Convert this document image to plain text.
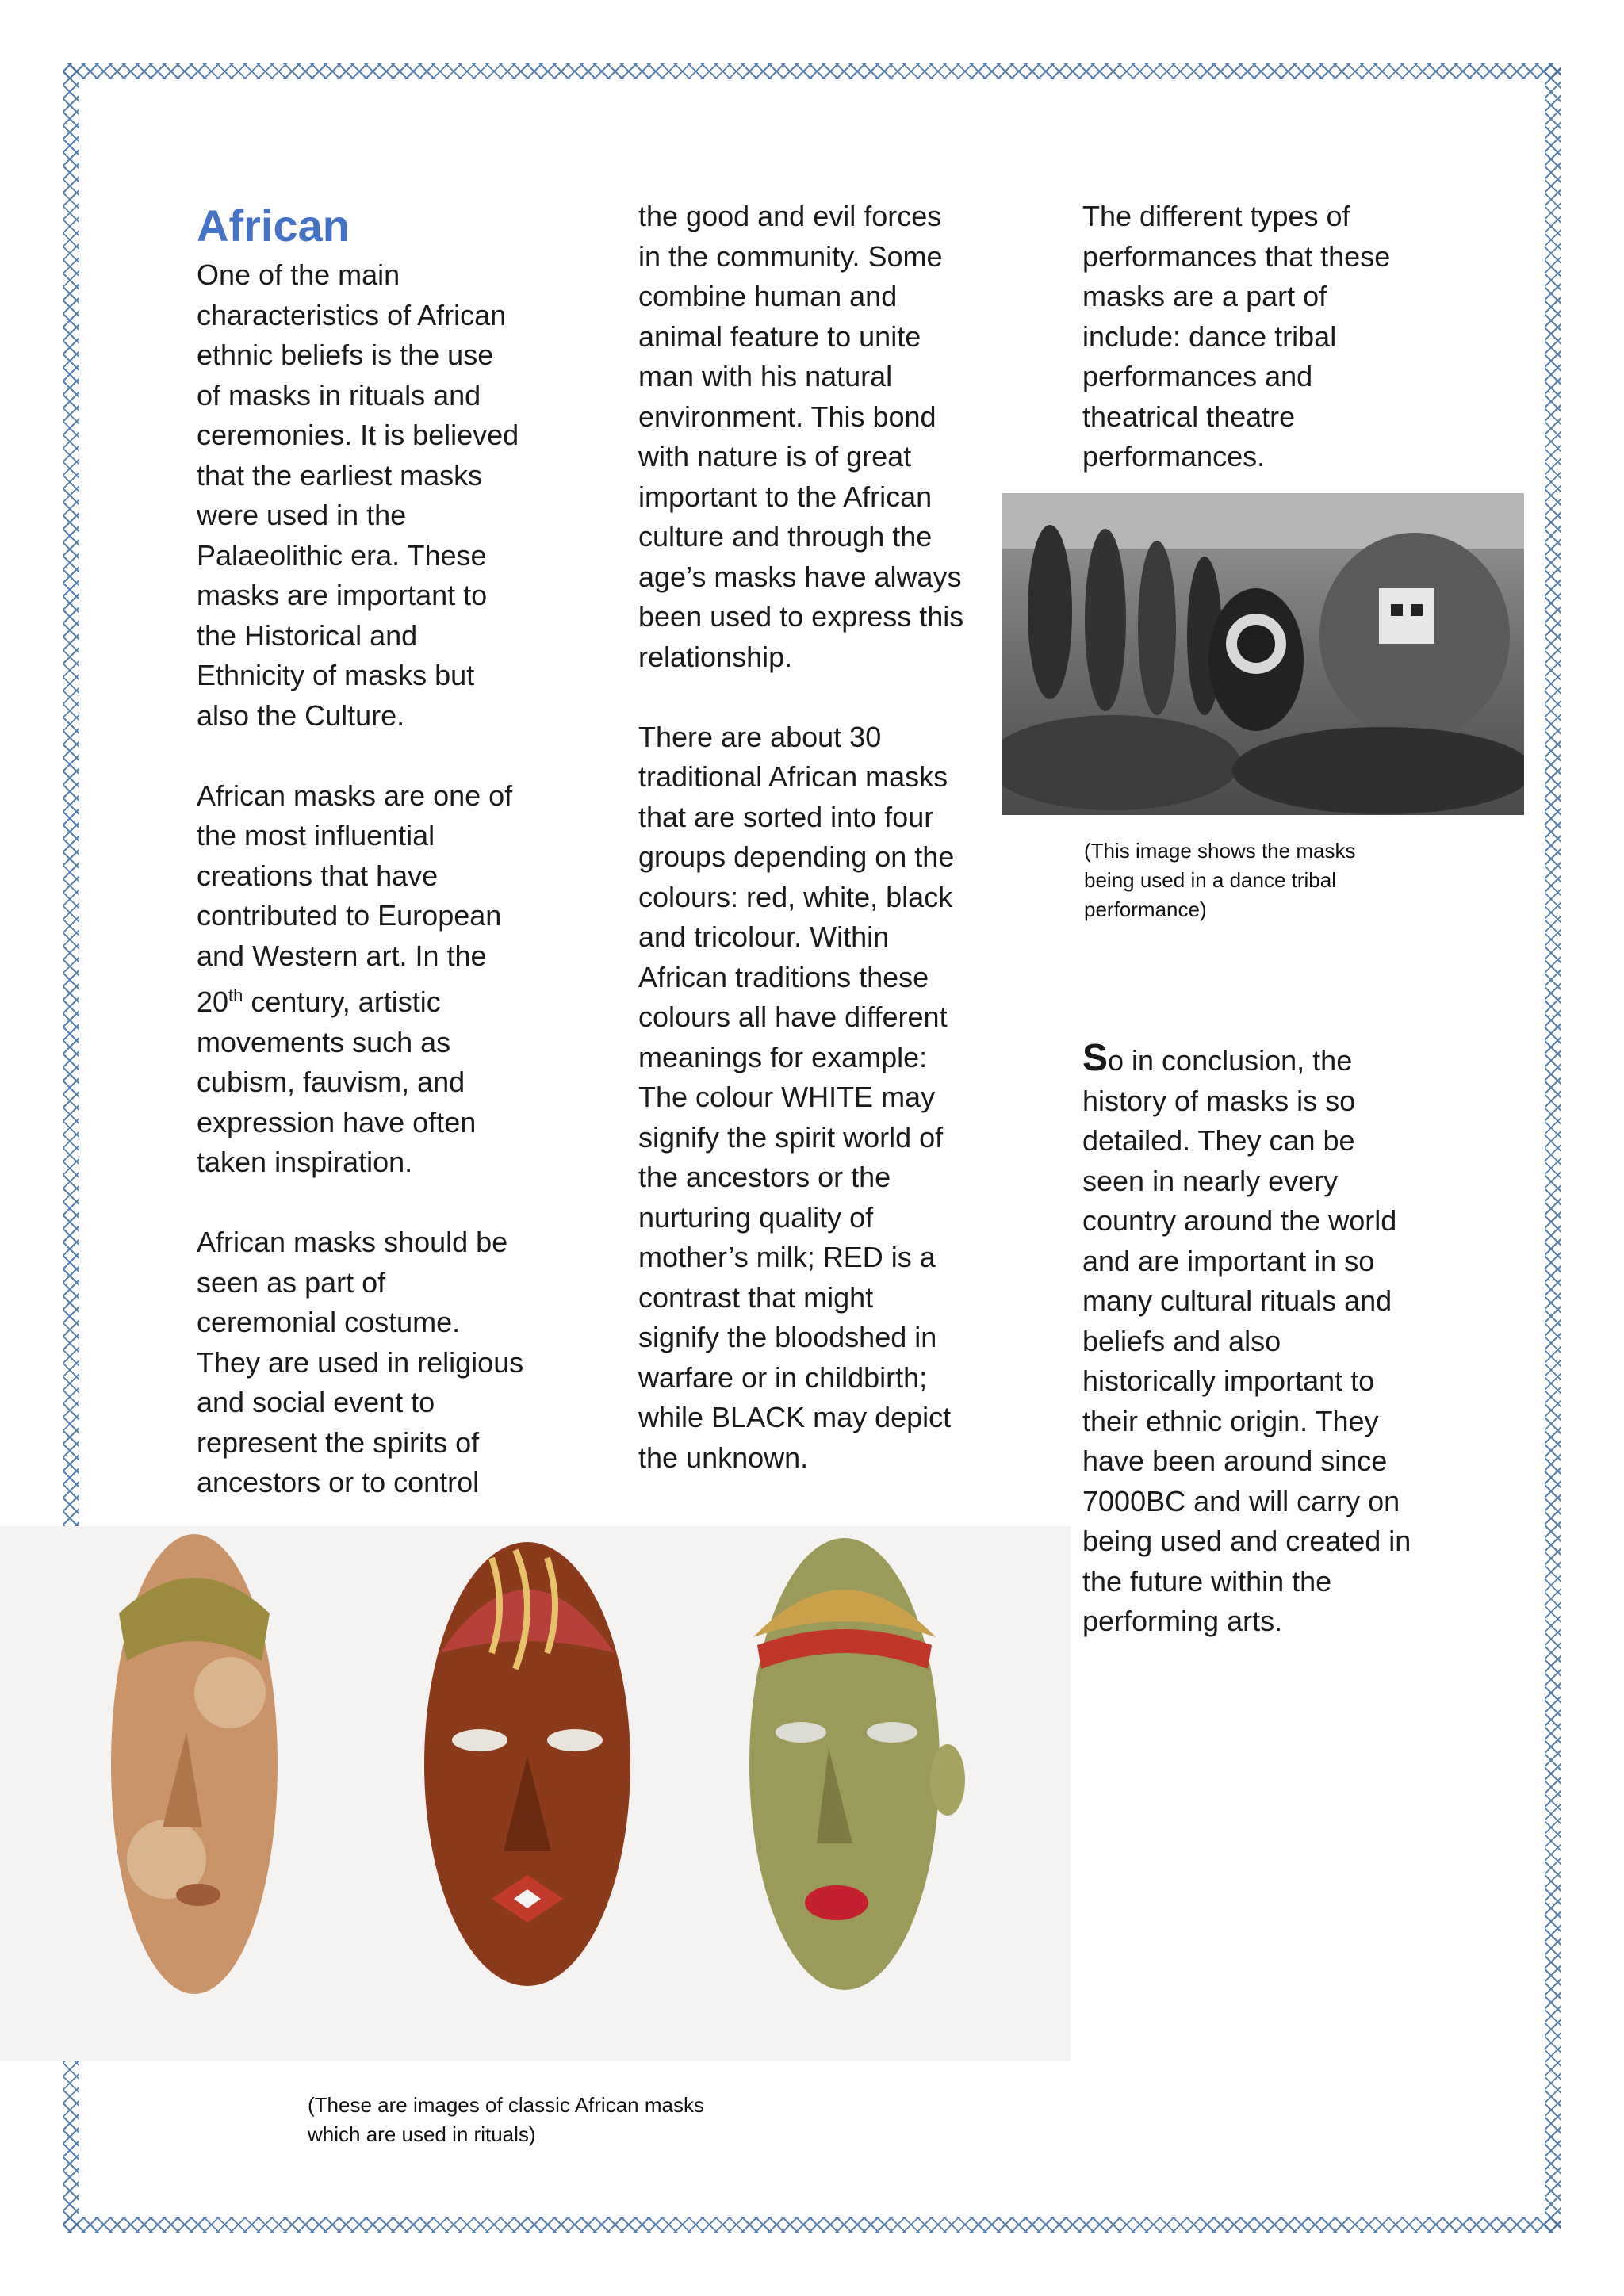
African
One of the main
characteristics of African
ethnic beliefs is the use
of masks in rituals and
ceremonies. It is believed
that the earliest masks
were used in the
Palaeolithic era. These
masks are important to
the Historical and
Ethnicity of masks but
also the Culture.

African masks are one of
the most influential
creations that have
contributed to European
and Western art. In the
20th century, artistic
movements such as
cubism, fauvism, and
expression have often
taken inspiration.

African masks should be
seen as part of
ceremonial costume.
They are used in religious
and social event to
represent the spirits of
ancestors or to control
the good and evil forces
in the community. Some
combine human and
animal feature to unite
man with his natural
environment. This bond
with nature is of great
important to the African
culture and through the
age’s masks have always
been used to express this
relationship.

There are about 30
traditional African masks
that are sorted into four
groups depending on the
colours: red, white, black
and tricolour. Within
African traditions these
colours all have different
meanings for example:
The colour WHITE may
signify the spirit world of
the ancestors or the
nurturing quality of
mother’s milk; RED is a
contrast that might
signify the bloodshed in
warfare or in childbirth;
while BLACK may depict
the unknown.
The different types of
performances that these
masks are a part of
include: dance tribal
performances and
theatrical theatre
performances.
(This image shows the masks
being used in a dance tribal
performance)
So in conclusion, the
history of masks is so
detailed. They can be
seen in nearly every
country around the world
and are important in so
many cultural rituals and
beliefs and also
historically important to
their ethnic origin. They
have been around since
7000BC and will carry on
being used and created in
the future within the
performing arts.
(These are images of classic African masks
which are used in rituals)
